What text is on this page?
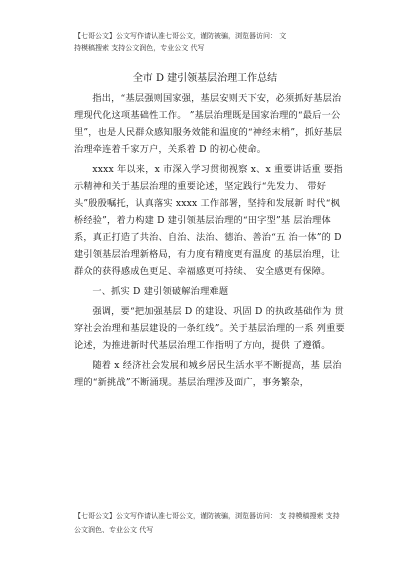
【七哥公文】公文写作请认准七哥公文，谨防被骗，浏览器访问： 文
持模稿搜索 支持公文润色，专业公文 代写
全市 D 建引领基层治理工作总结

指出，“基层强则国家强，基层安则天下安，必须抓好基层治理现代化这项基础性工作。 ”基层治理既是国家治理的“最后一公里”，也是人民群众感知服务效能和温度的“神经末梢”，抓好基层治理牵连着千家万户，关系着 D 的初心使命。

xxxx 年以来，x 市深入学习贯彻视察 x、x 重要讲话重 要指示精神和关于基层治理的重要论述，坚定践行“先发力、 带好头”殷殷嘱托，认真落实 xxxx 工作部署，坚持和发展新 时代“枫桥经验”，着力构建 D 建引领基层治理的“田字型”基 层治理体系，真正打造了共治、自治、法治、德治、善治“五 治一体”的 D 建引领基层治理新格局，有力度有精度更有温度 的基层治理，让群众的获得感成色更足、幸福感更可持续、 安全感更有保障。

一、抓实 D 建引领破解治理难题

强调，要“把加强基层 D 的建设、巩固 D 的执政基础作为 贯穿社会治理和基层建设的一条红线”。关于基层治理的一系 列重要论述，为推进新时代基层治理工作指明了方向，提供 了遵循。

随着 x 经济社会发展和城乡居民生活水平不断提高，基 层治理的“新挑战”不断涌现。基层治理涉及面广，事务繁杂，

【七哥公文】公文写作请认准七哥公文，谨防被骗，浏览器访问： 支 持模稿搜索 支持公文润色、专业公文 代写
